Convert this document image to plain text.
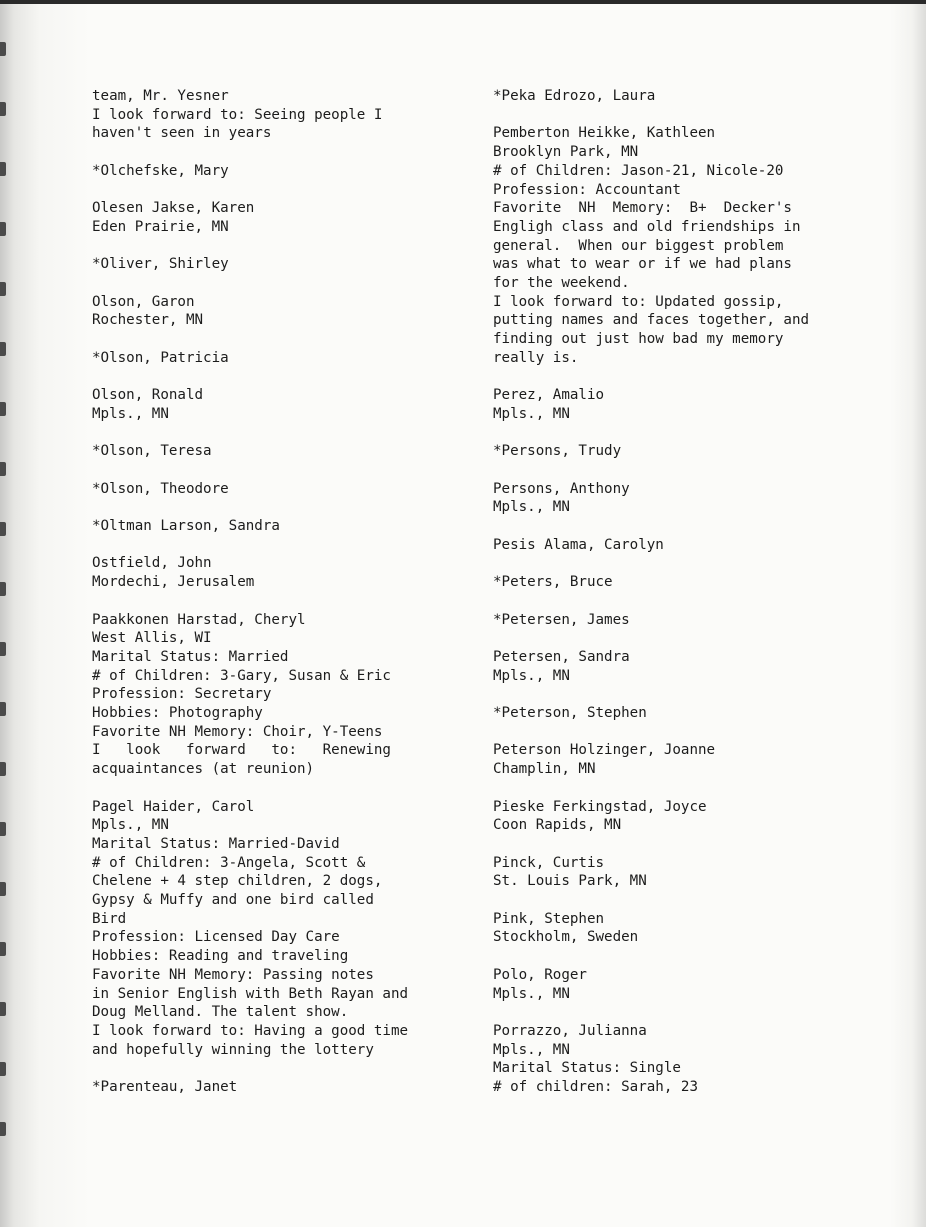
team, Mr. Yesner
I look forward to: Seeing people I
haven't seen in years
*Olchefske, Mary
Olesen Jakse, Karen
Eden Prairie, MN
*Oliver, Shirley
Olson, Garon
Rochester, MN
*Olson, Patricia
Olson, Ronald
Mpls., MN
*Olson, Teresa
*Olson, Theodore
*Oltman Larson, Sandra
Ostfield, John
Mordechi, Jerusalem
Paakkonen Harstad, Cheryl
West Allis, WI
Marital Status: Married
# of Children: 3-Gary, Susan & Eric
Profession: Secretary
Hobbies: Photography
Favorite NH Memory: Choir, Y-Teens
I   look   forward   to:   Renewing
acquaintances (at reunion)
Pagel Haider, Carol
Mpls., MN
Marital Status: Married-David
# of Children: 3-Angela, Scott &
Chelene + 4 step children, 2 dogs,
Gypsy & Muffy and one bird called
Bird
Profession: Licensed Day Care
Hobbies: Reading and traveling
Favorite NH Memory: Passing notes
in Senior English with Beth Rayan and
Doug Melland. The talent show.
I look forward to: Having a good time
and hopefully winning the lottery
*Parenteau, Janet
*Peka Edrozo, Laura
Pemberton Heikke, Kathleen
Brooklyn Park, MN
# of Children: Jason-21, Nicole-20
Profession: Accountant
Favorite  NH  Memory:  B+  Decker's
Engligh class and old friendships in
general.  When our biggest problem
was what to wear or if we had plans
for the weekend.
I look forward to: Updated gossip,
putting names and faces together, and
finding out just how bad my memory
really is.
Perez, Amalio
Mpls., MN
*Persons, Trudy
Persons, Anthony
Mpls., MN
Pesis Alama, Carolyn
*Peters, Bruce
*Petersen, James
Petersen, Sandra
Mpls., MN
*Peterson, Stephen
Peterson Holzinger, Joanne
Champlin, MN
Pieske Ferkingstad, Joyce
Coon Rapids, MN
Pinck, Curtis
St. Louis Park, MN
Pink, Stephen
Stockholm, Sweden
Polo, Roger
Mpls., MN
Porrazzo, Julianna
Mpls., MN
Marital Status: Single
# of children: Sarah, 23
